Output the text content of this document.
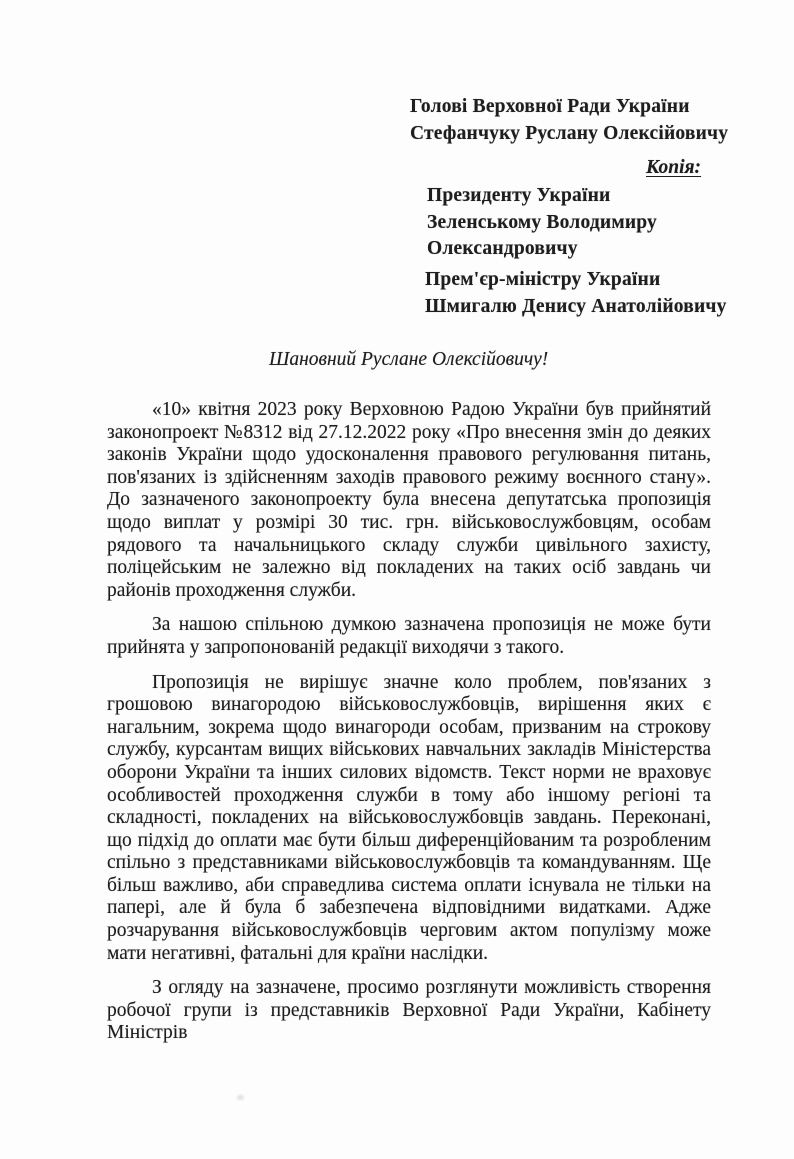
Голові Верховної Ради України
Стефанчуку Руслану Олексійовичу
Копія:
Президенту України
Зеленському Володимиру
Олександровичу
Прем'єр-міністру України
Шмигалю Денису Анатолійовичу
Шановний Руслане Олексійовичу!

«10» квітня 2023 року Верховною Радою України був прийнятий законопроект №8312 від 27.12.2022 року «Про внесення змін до деяких законів України щодо удосконалення правового регулювання питань, пов'язаних із здійсненням заходів правового режиму воєнного стану». До зазначеного законопроекту була внесена депутатська пропозиція щодо виплат у розмірі 30 тис. грн. військовослужбовцям, особам рядового та начальницького складу служби цивільного захисту, поліцейським не залежно від покладених на таких осіб завдань чи районів проходження служби.

За нашою спільною думкою зазначена пропозиція не може бути прийнята у запропонованій редакції виходячи з такого.

Пропозиція не вирішує значне коло проблем, пов'язаних з грошовою винагородою військовослужбовців, вирішення яких є нагальним, зокрема щодо винагороди особам, призваним на строкову службу, курсантам вищих військових навчальних закладів Міністерства оборони України та інших силових відомств. Текст норми не враховує особливостей проходження служби в тому або іншому регіоні та складності, покладених на військовослужбовців завдань. Переконані, що підхід до оплати має бути більш диференційованим та розробленим спільно з представниками військовослужбовців та командуванням. Ще більш важливо, аби справедлива система оплати існувала не тільки на папері, але й була б забезпечена відповідними видатками. Адже розчарування військовослужбовців черговим актом популізму може мати негативні, фатальні для країни наслідки.

З огляду на зазначене, просимо розглянути можливість створення робочої групи із представників Верховної Ради України, Кабінету Міністрів
